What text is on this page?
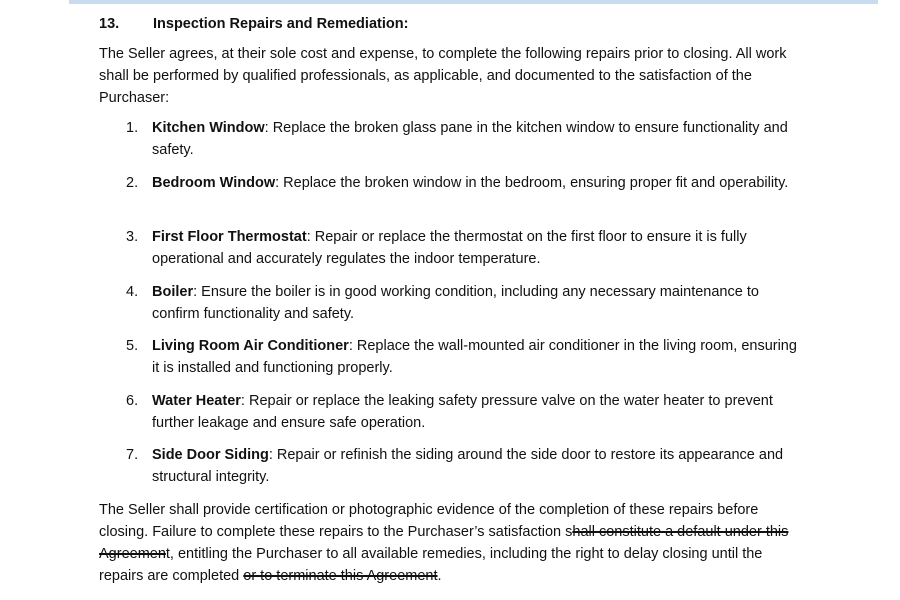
13. Inspection Repairs and Remediation:

The Seller agrees, at their sole cost and expense, to complete the following repairs prior to closing. All work shall be performed by qualified professionals, as applicable, and documented to the satisfaction of the Purchaser:

1. Kitchen Window: Replace the broken glass pane in the kitchen window to ensure functionality and safety.
2. Bedroom Window: Replace the broken window in the bedroom, ensuring proper fit and operability.
3. First Floor Thermostat: Repair or replace the thermostat on the first floor to ensure it is fully operational and accurately regulates the indoor temperature.
4. Boiler: Ensure the boiler is in good working condition, including any necessary maintenance to confirm functionality and safety.
5. Living Room Air Conditioner: Replace the wall-mounted air conditioner in the living room, ensuring it is installed and functioning properly.
6. Water Heater: Repair or replace the leaking safety pressure valve on the water heater to prevent further leakage and ensure safe operation.
7. Side Door Siding: Repair or refinish the siding around the side door to restore its appearance and structural integrity.

The Seller shall provide certification or photographic evidence of the completion of these repairs before closing. Failure to complete these repairs to the Purchaser’s satisfaction shall constitute a default under this Agreement, entitling the Purchaser to all available remedies, including the right to delay closing until the repairs are completed or to terminate this Agreement.
